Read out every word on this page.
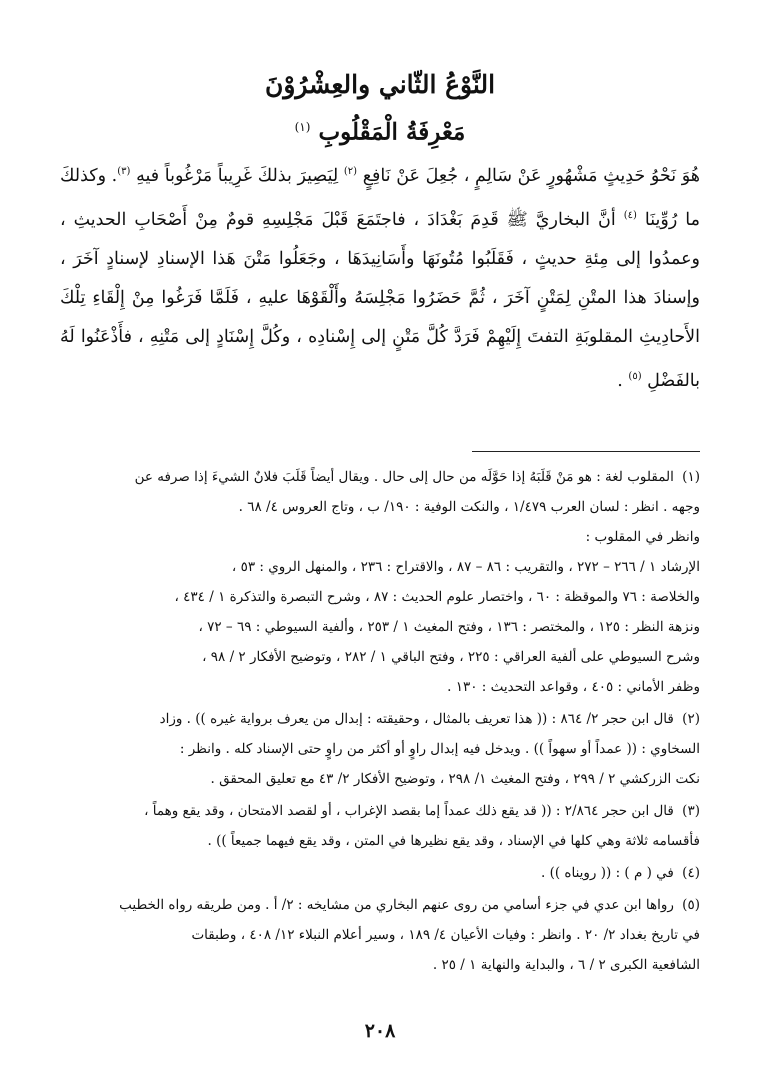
النَّوْعُ الثّاني والعِشْرُوْنَ
مَعْرِفَةُ الْمَقْلُوبِ $^{(١)}$

هُوَ نَحْوُ حَدِيثٍ مَشْهُورٍ عَنْ سَالِمٍ ، جُعِلَ عَنْ نَافِعٍ $^{(٢)}$ لِيَصِيرَ بذلكَ غَرِيباً مَرْغُوباً فيهِ $^{(٣)}$. وكذلكَ ما رُوِّينَا $^{(٤)}$ أنَّ البخاريَّ ﷺ قَدِمَ بَغْدَادَ ، فاجتَمَعَ قَبْلَ مَجْلِسِهِ قومٌ مِنْ أَصْحَابِ الحديثِ ، وعمدُوا إلى مِئةِ حديثٍ ، فَقَلَبُوا مُتُونَهَا وأَسَانِيدَهَا ، وجَعَلُوا مَتْنَ هَذا الإسنادِ لإسنادٍ آخَرَ ، وإسنادَ هذا المتْنِ لِمَتْنٍ آخَرَ ، ثُمَّ حَضَرُوا مَجْلِسَهُ وأَلْقَوْهَا عليهِ ، فَلَمَّا فَرَغُوا مِنْ إِلْقَاءِ تِلْكَ الأَحادِيثِ المقلوبَةِ التفتَ إِلَيْهِمْ فَرَدَّ كُلَّ مَتْنٍ إلى إِسْنادِه ، وكُلَّ إِسْنَادٍ إلى مَتْنِهِ ، فأَذْعَنُوا لَهُ بالفَضْلِ $^{(٥)}$ .

(١) المقلوب لغة : هو مَنْ قَلَبَهُ إذا حَوَّلَه من حال إلى حال . ويقال أيضاً قَلَبَ فلانٌ الشيءَ إذا صرفه عن
وجهه . انظر : لسان العرب ١/٤٧٩ ، والنكت الوفية : ١٩٠/ ب ، وتاج العروس ٤/ ٦٨ .
وانظر في المقلوب :
الإرشاد ١ / ٢٦٦ – ٢٧٢ ، والتقريب : ٨٦ – ٨٧ ، والاقتراح : ٢٣٦ ، والمنهل الروي : ٥٣ ،
والخلاصة : ٧٦ والموقظة : ٦٠ ، واختصار علوم الحديث : ٨٧ ، وشرح التبصرة والتذكرة ١ / ٤٣٤ ،
ونزهة النظر : ١٢٥ ، والمختصر : ١٣٦ ، وفتح المغيث ١ / ٢٥٣ ، وألفية السيوطي : ٦٩ – ٧٢ ،
وشرح السيوطي على ألفية العراقي : ٢٢٥ ، وفتح الباقي ١ / ٢٨٢ ، وتوضيح الأفكار ٢ / ٩٨ ،
وظفر الأماني : ٤٠٥ ، وقواعد التحديث : ١٣٠ .
(٢) قال ابن حجر ٢/ ٨٦٤ : (( هذا تعريف بالمثال ، وحقيقته : إبدال من يعرف برواية غيره )) . وزاد
السخاوي : (( عمداً أو سهواً )) . ويدخل فيه إبدال راوٍ أو أكثر من راوٍ حتى الإسناد كله . وانظر :
نكت الزركشي ٢ / ٢٩٩ ، وفتح المغيث ١/ ٢٩٨ ، وتوضيح الأفكار ٢/ ٤٣ مع تعليق المحقق .
(٣) قال ابن حجر ٢/٨٦٤ : (( قد يقع ذلك عمداً إما بقصد الإغراب ، أو لقصد الامتحان ، وقد يقع وهماً ،
فأقسامه ثلاثة وهي كلها في الإسناد ، وقد يقع نظيرها في المتن ، وقد يقع فيهما جميعاً )) .
(٤) في ( م ) : (( رويناه )) .
(٥) رواها ابن عدي في جزء أسامي من روى عنهم البخاري من مشايخه : ٢/ أ . ومن طريقه رواه الخطيب
في تاريخ بغداد ٢/ ٢٠ . وانظر : وفيات الأعيان ٤/ ١٨٩ ، وسير أعلام النبلاء ١٢/ ٤٠٨ ، وطبقات
الشافعية الكبرى ٢ / ٦ ، والبداية والنهاية ١ / ٢٥ .
٢٠٨
